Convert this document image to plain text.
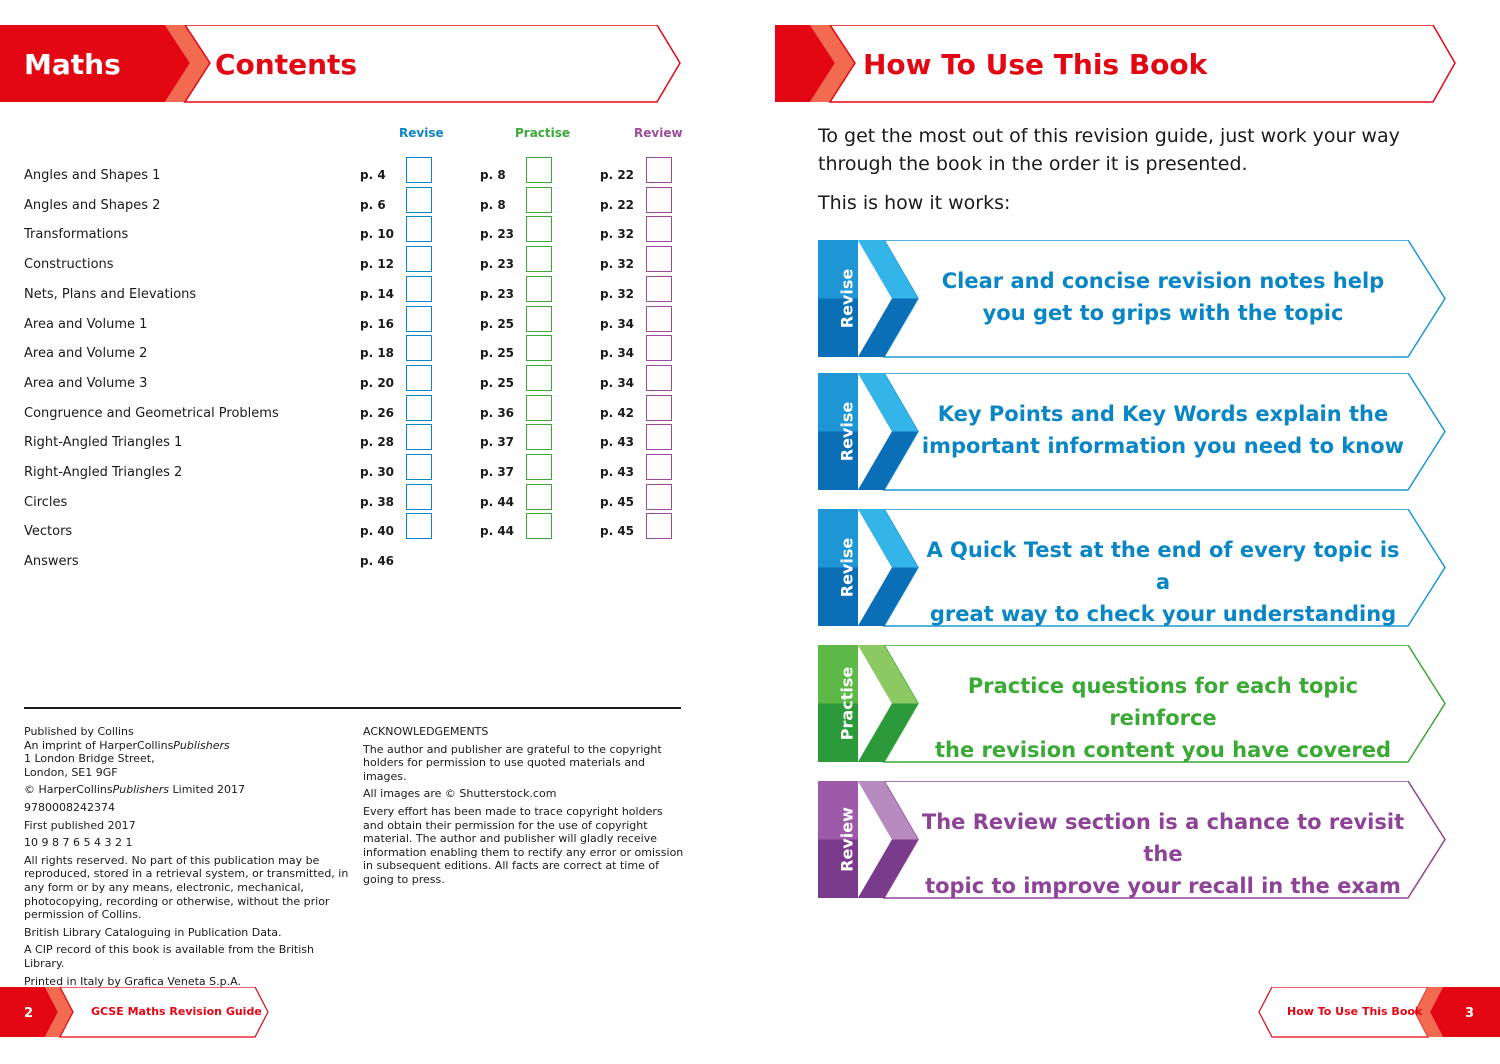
Maths	Contents
Revise	Practise	Review
Angles and Shapes 1	p. 4	p. 8	p. 22
Angles and Shapes 2	p. 6	p. 8	p. 22
Transformations	p. 10	p. 23	p. 32
Constructions	p. 12	p. 23	p. 32
Nets, Plans and Elevations	p. 14	p. 23	p. 32
Area and Volume 1	p. 16	p. 25	p. 34
Area and Volume 2	p. 18	p. 25	p. 34
Area and Volume 3	p. 20	p. 25	p. 34
Congruence and Geometrical Problems	p. 26	p. 36	p. 42
Right-Angled Triangles 1	p. 28	p. 37	p. 43
Right-Angled Triangles 2	p. 30	p. 37	p. 43
Circles	p. 38	p. 44	p. 45
Vectors	p. 40	p. 44	p. 45
Answers	p. 46

Published by Collins

An imprint of HarperCollinsPublishers

1 London Bridge Street,

London, SE1 9GF

© HarperCollinsPublishers Limited 2017

9780008242374

First published 2017

10 9 8 7 6 5 4 3 2 1

All rights reserved. No part of this publication may be reproduced, stored in a retrieval system, or transmitted, in any form or by any means, electronic, mechanical, photocopying, recording or otherwise, without the prior permission of Collins.

British Library Cataloguing in Publication Data.

A CIP record of this book is available from the British Library.

Printed in Italy by Grafica Veneta S.p.A.

ACKNOWLEDGEMENTS

The author and publisher are grateful to the copyright holders for permission to use quoted materials and images.

All images are © Shutterstock.com

Every effort has been made to trace copyright holders and obtain their permission for the use of copyright material. The author and publisher will gladly receive information enabling them to rectify any error or omission in subsequent editions. All facts are correct at time of going to press.

2	GCSE Maths Revision Guide
How To Use This Book
To get the most out of this revision guide, just work your way through the book in the order it is presented.
This is how it works:
Revise	Clear and concise revision notes help
you get to grips with the topic
Revise	Key Points and Key Words explain the
important information you need to know
Revise	A Quick Test at the end of every topic is a
great way to check your understanding
Practise	Practice questions for each topic reinforce
the revision content you have covered
Review	The Review section is a chance to revisit the
topic to improve your recall in the exam
How To Use This Book	3
